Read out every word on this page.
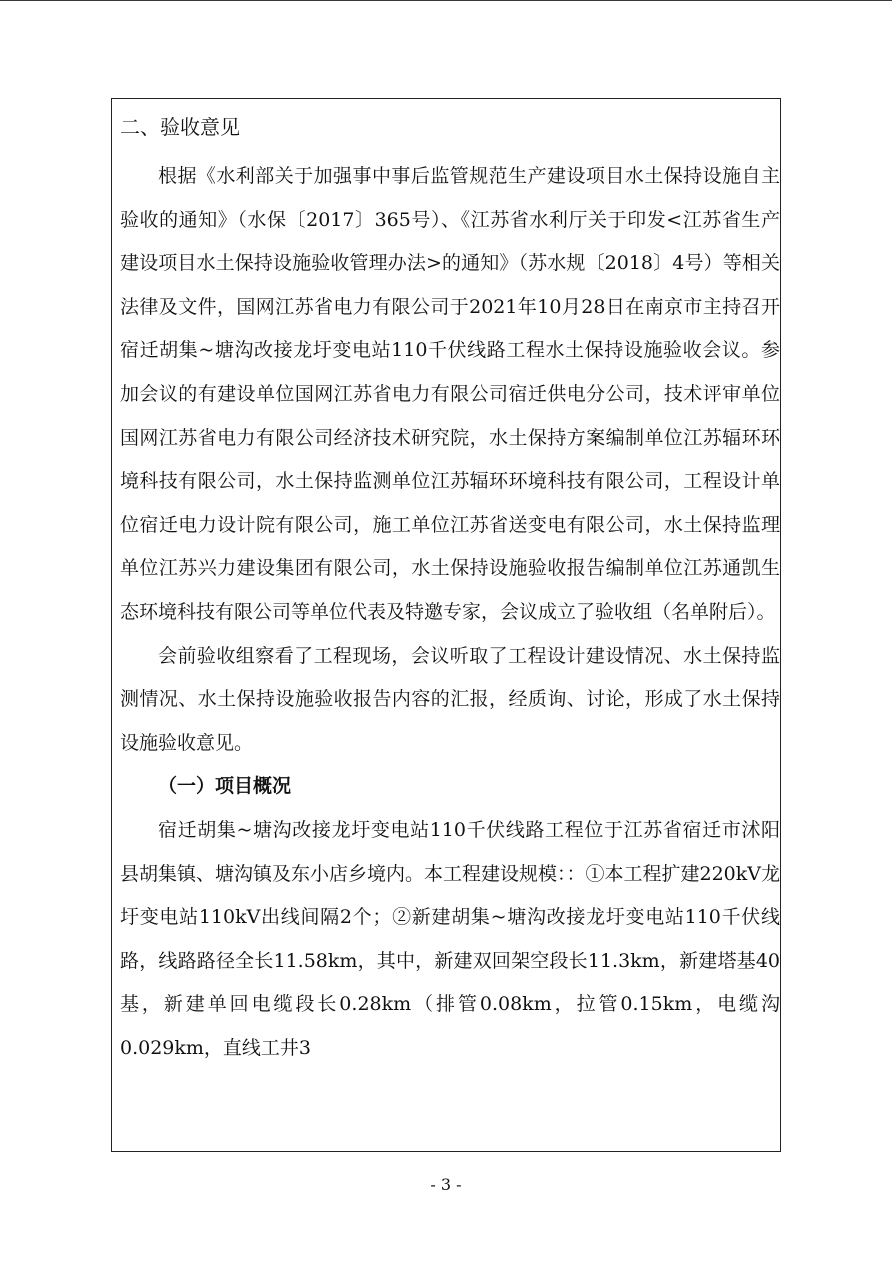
二、验收意见

根据《水利部关于加强事中事后监管规范生产建设项目水土保持设施自主验收的通知》（水保〔2017〕365号）、《江苏省水利厅关于印发<江苏省生产建设项目水土保持设施验收管理办法>的通知》（苏水规〔2018〕4号）等相关法律及文件，国网江苏省电力有限公司于2021年10月28日在南京市主持召开宿迁胡集~塘沟改接龙圩变电站110千伏线路工程水土保持设施验收会议。参加会议的有建设单位国网江苏省电力有限公司宿迁供电分公司，技术评审单位国网江苏省电力有限公司经济技术研究院，水土保持方案编制单位江苏辐环环境科技有限公司，水土保持监测单位江苏辐环环境科技有限公司，工程设计单位宿迁电力设计院有限公司，施工单位江苏省送变电有限公司，水土保持监理单位江苏兴力建设集团有限公司，水土保持设施验收报告编制单位江苏通凯生态环境科技有限公司等单位代表及特邀专家，会议成立了验收组（名单附后）。

会前验收组察看了工程现场，会议听取了工程设计建设情况、水土保持监测情况、水土保持设施验收报告内容的汇报，经质询、讨论，形成了水土保持设施验收意见。

（一）项目概况

宿迁胡集~塘沟改接龙圩变电站110千伏线路工程位于江苏省宿迁市沭阳县胡集镇、塘沟镇及东小店乡境内。本工程建设规模：：①本工程扩建220kV龙圩变电站110kV出线间隔2个；②新建胡集~塘沟改接龙圩变电站110千伏线路，线路路径全长11.58km，其中，新建双回架空段长11.3km，新建塔基40基，新建单回电缆段长0.28km（排管0.08km，拉管0.15km，电缆沟0.029km，直线工井3

- 3 -
